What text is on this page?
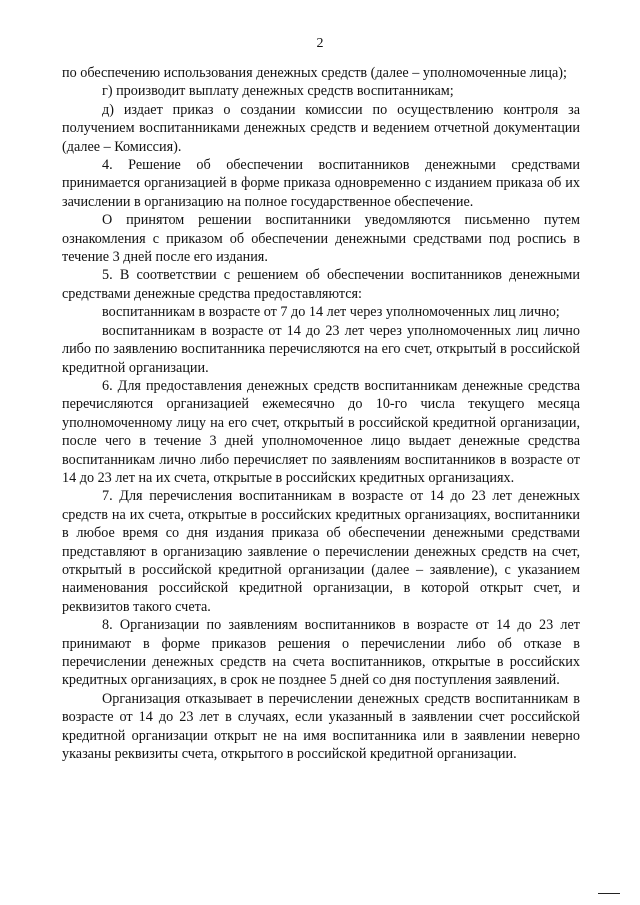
2

по обеспечению использования денежных средств (далее – уполномоченные лица);

г) производит выплату денежных средств воспитанникам;

д) издает приказ о создании комиссии по осуществлению контроля за получением воспитанниками денежных средств и ведением отчетной документации (далее – Комиссия).

4. Решение об обеспечении воспитанников денежными средствами принимается организацией в форме приказа одновременно с изданием приказа об их зачислении в организацию на полное государственное обеспечение.

О принятом решении воспитанники уведомляются письменно путем ознакомления с приказом об обеспечении денежными средствами под роспись в течение 3 дней после его издания.

5. В соответствии с решением об обеспечении воспитанников денежными средствами денежные средства предоставляются:

воспитанникам в возрасте от 7 до 14 лет через уполномоченных лиц лично;

воспитанникам в возрасте от 14 до 23 лет через уполномоченных лиц лично либо по заявлению воспитанника перечисляются на его счет, открытый в российской кредитной организации.

6. Для предоставления денежных средств воспитанникам денежные средства перечисляются организацией ежемесячно до 10-го числа текущего месяца уполномоченному лицу на его счет, открытый в российской кредитной организации, после чего в течение 3 дней уполномоченное лицо выдает денежные средства воспитанникам лично либо перечисляет по заявлениям воспитанников в возрасте от 14 до 23 лет на их счета, открытые в российских кредитных организациях.

7. Для перечисления воспитанникам в возрасте от 14 до 23 лет денежных средств на их счета, открытые в российских кредитных организациях, воспитанники в любое время со дня издания приказа об обеспечении денежными средствами представляют в организацию заявление о перечислении денежных средств на счет, открытый в российской кредитной организации (далее – заявление), с указанием наименования российской кредитной организации, в которой открыт счет, и реквизитов такого счета.

8. Организации по заявлениям воспитанников в возрасте от 14 до 23 лет принимают в форме приказов решения о перечислении либо об отказе в перечислении денежных средств на счета воспитанников, открытые в российских кредитных организациях, в срок не позднее 5 дней со дня поступления заявлений.

Организация отказывает в перечислении денежных средств воспитанникам в возрасте от 14 до 23 лет в случаях, если указанный в заявлении счет российской кредитной организации открыт не на имя воспитанника или в заявлении неверно указаны реквизиты счета, открытого в российской кредитной организации.
